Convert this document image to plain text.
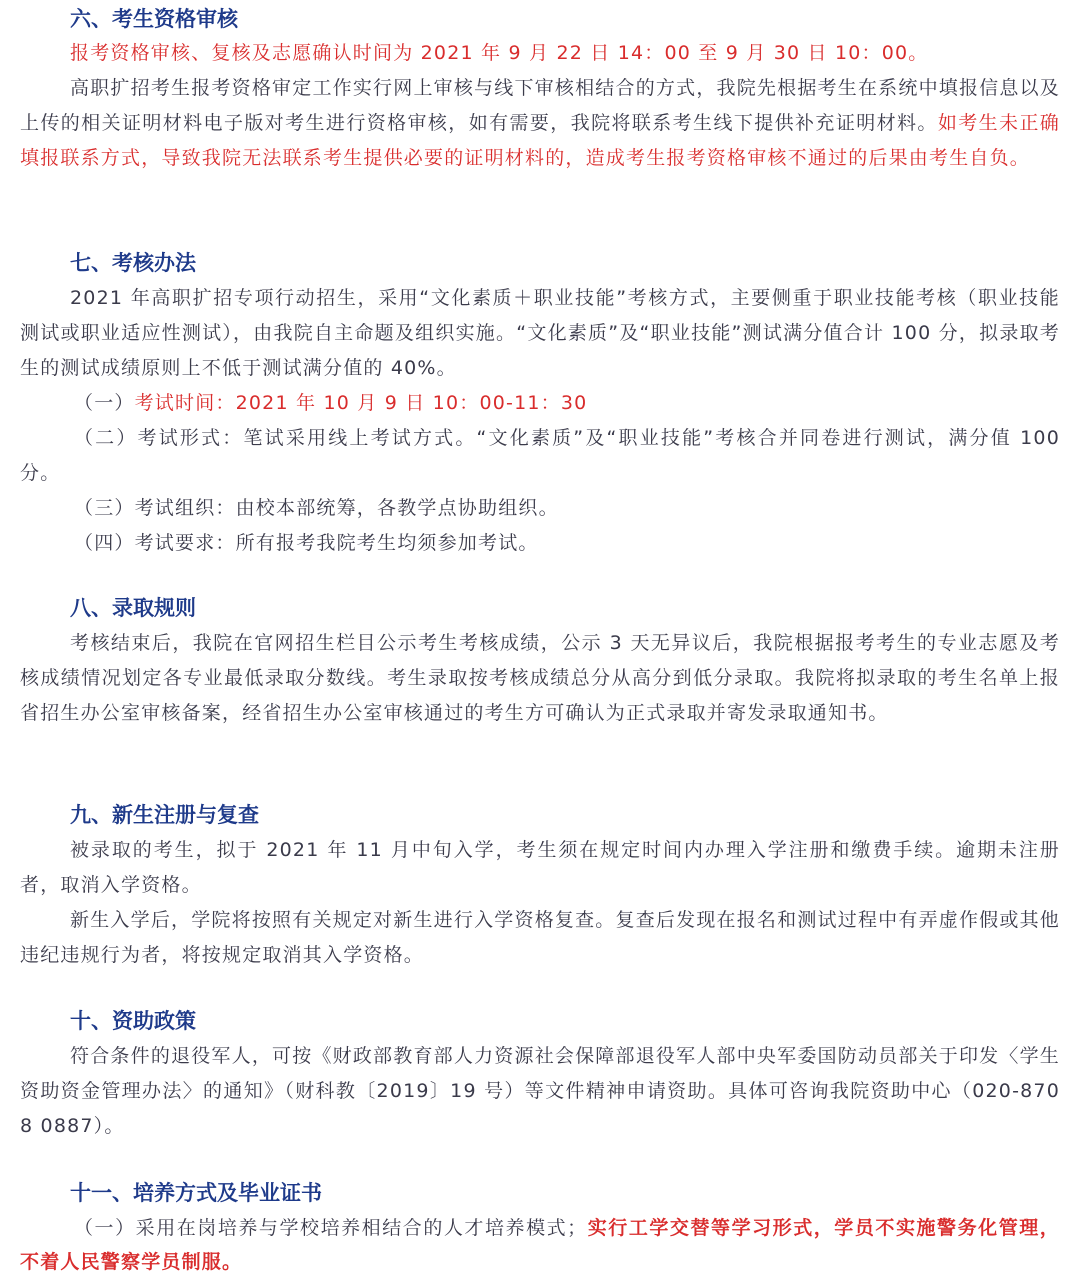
六、考生资格审核

报考资格审核、复核及志愿确认时间为 2021 年 9 月 22 日 14：00 至 9 月 30 日 10：00。

高职扩招考生报考资格审定工作实行网上审核与线下审核相结合的方式，我院先根据考生在系统中填报信息以及上传的相关证明材料电子版对考生进行资格审核，如有需要，我院将联系考生线下提供补充证明材料。如考生未正确填报联系方式，导致我院无法联系考生提供必要的证明材料的，造成考生报考资格审核不通过的后果由考生自负。

七、考核办法

2021 年高职扩招专项行动招生，采用“文化素质＋职业技能”考核方式，主要侧重于职业技能考核（职业技能测试或职业适应性测试），由我院自主命题及组织实施。“文化素质”及“职业技能”测试满分值合计 100 分，拟录取考生的测试成绩原则上不低于测试满分值的 40%。

（一）考试时间：2021 年 10 月 9 日 10：00-11：30

（二）考试形式：笔试采用线上考试方式。“文化素质”及“职业技能”考核合并同卷进行测试，满分值 100 分。

（三）考试组织：由校本部统筹，各教学点协助组织。

（四）考试要求：所有报考我院考生均须参加考试。

八、录取规则

考核结束后，我院在官网招生栏目公示考生考核成绩，公示 3 天无异议后，我院根据报考考生的专业志愿及考核成绩情况划定各专业最低录取分数线。考生录取按考核成绩总分从高分到低分录取。我院将拟录取的考生名单上报省招生办公室审核备案，经省招生办公室审核通过的考生方可确认为正式录取并寄发录取通知书。

九、新生注册与复查

被录取的考生，拟于 2021 年 11 月中旬入学，考生须在规定时间内办理入学注册和缴费手续。逾期未注册者，取消入学资格。

新生入学后，学院将按照有关规定对新生进行入学资格复查。复查后发现在报名和测试过程中有弄虚作假或其他违纪违规行为者，将按规定取消其入学资格。

十、资助政策

符合条件的退役军人，可按《财政部教育部人力资源社会保障部退役军人部中央军委国防动员部关于印发〈学生资助资金管理办法〉的通知》（财科教〔2019〕19 号）等文件精神申请资助。具体可咨询我院资助中心（020-8708 0887）。

十一、培养方式及毕业证书

（一）采用在岗培养与学校培养相结合的人才培养模式；实行工学交替等学习形式，学员不实施警务化管理，不着人民警察学员制服。
